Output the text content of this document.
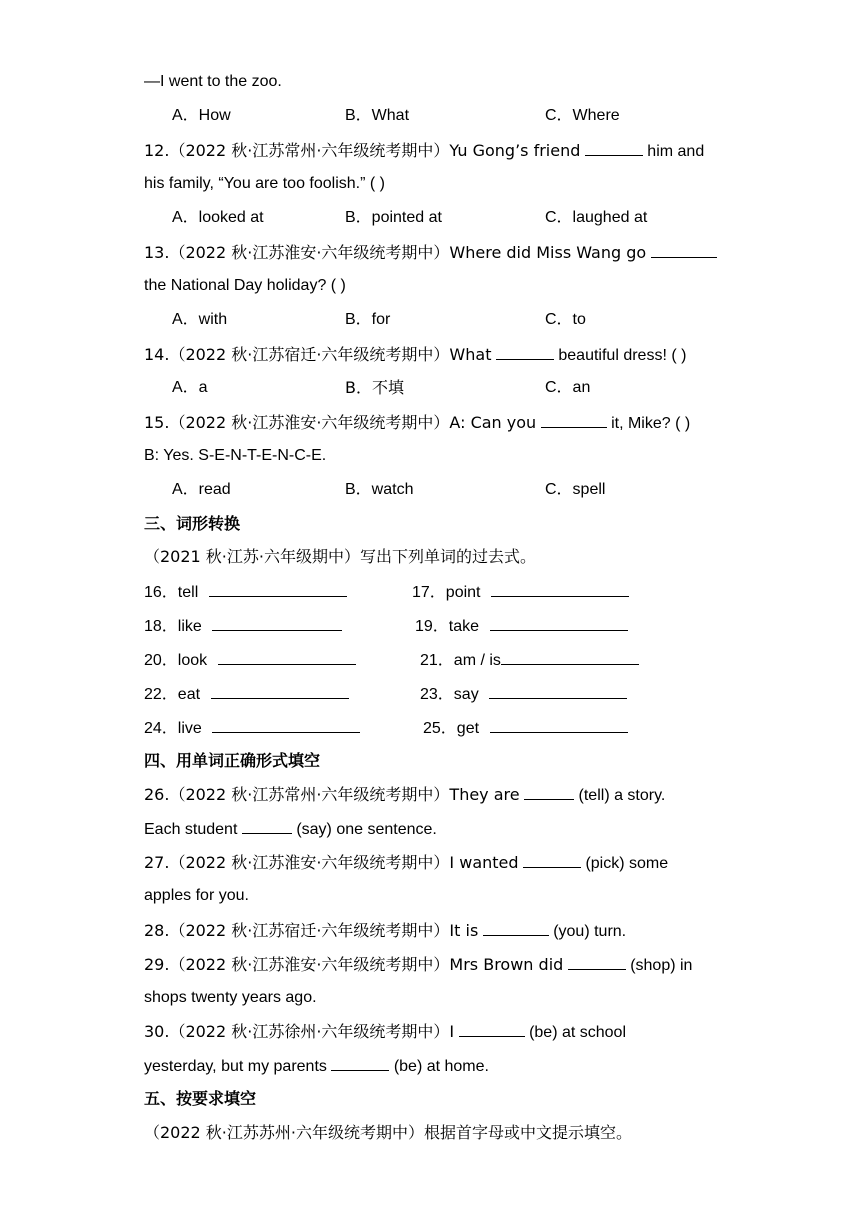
—I went to the zoo.
A．How	B．What	C．Where
12.（2022 秋·江苏常州·六年级统考期中）Yu Gong’s friend	him and
his family, “You are too foolish.” ( )
A．looked at	B．pointed at	C．laughed at
13.（2022 秋·江苏淮安·六年级统考期中）Where did Miss Wang go
the National Day holiday? ( )
A．with	B．for	C．to
14.（2022 秋·江苏宿迁·六年级统考期中）What	beautiful dress! ( )
A．a	B．不填	C．an
15.（2022 秋·江苏淮安·六年级统考期中）A: Can you	it, Mike? ( )
B: Yes. S-E-N-T-E-N-C-E.
A．read	B．watch	C．spell
三、词形转换
（2021 秋·江苏·六年级期中）写出下列单词的过去式。
16．tell	17．point
18．like	19．take
20．look	21．am / is
22．eat	23．say
24．live	25．get
四、用单词正确形式填空
26.（2022 秋·江苏常州·六年级统考期中）They are	(tell) a story.
Each student	(say) one sentence.
27.（2022 秋·江苏淮安·六年级统考期中）I wanted	(pick) some
apples for you.
28.（2022 秋·江苏宿迁·六年级统考期中）It is	(you) turn.
29.（2022 秋·江苏淮安·六年级统考期中）Mrs Brown did	(shop) in
shops twenty years ago.
30.（2022 秋·江苏徐州·六年级统考期中）I	(be) at school
yesterday, but my parents	(be) at home.
五、按要求填空
（2022 秋·江苏苏州·六年级统考期中）根据首字母或中文提示填空。
